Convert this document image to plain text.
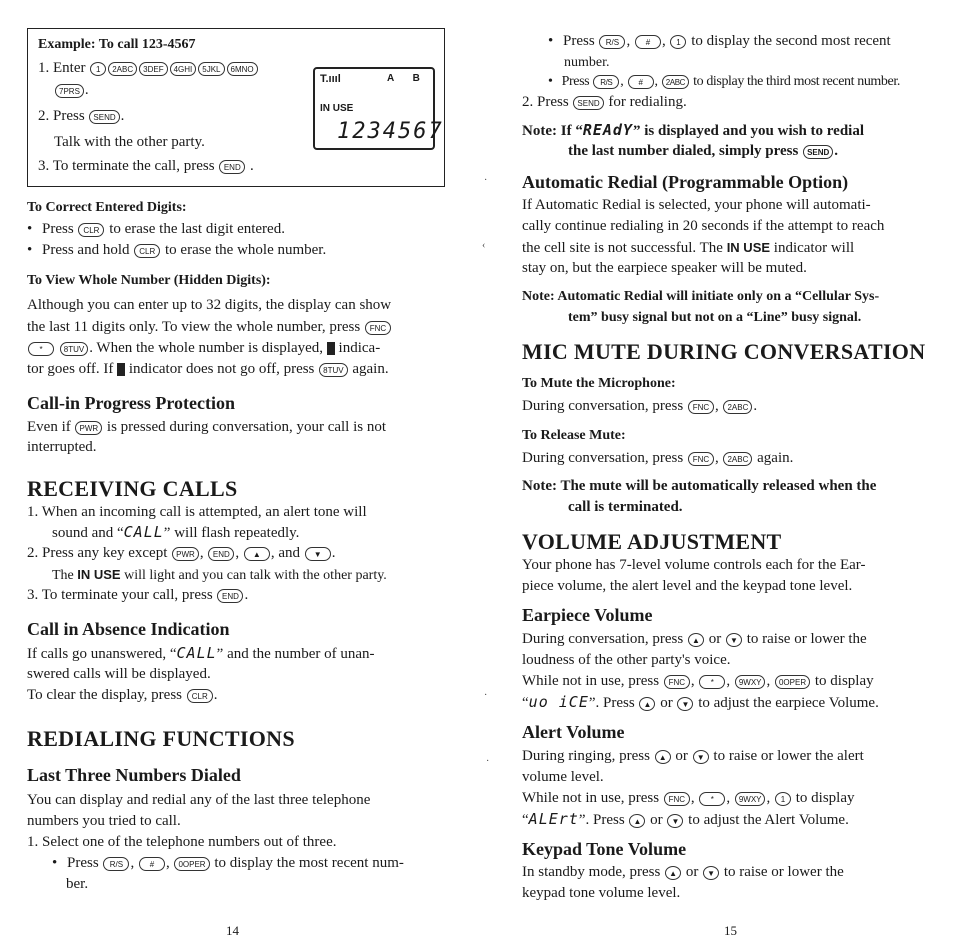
Example: To call 123-4567
1. Enter 1 2ABC 3DEF 4GHI 5JKL 6MNO
7PRS .
2. Press SEND .
Talk with the other party.
3. To terminate the call, press END .
T.ıııl	A B
IN USE
1234567
To Correct Entered Digits:
• Press CLR to erase the last digit entered.
• Press and hold CLR to erase the whole number.
To View Whole Number (Hidden Digits):
Although you can enter up to 32 digits, the display can show
the last 11 digits only. To view the whole number, press FNC
*	8TUV . When the whole number is displayed, indica-
tor goes off. If indicator does not go off, press 8TUV again.
Call-in Progress Protection
Even if PWR is pressed during conversation, your call is not
interrupted.
RECEIVING CALLS
1. When an incoming call is attempted, an alert tone will
sound and “CALL” will flash repeatedly.
2. Press any key except PWR , END , ▲ , and ▼ .
The IN USE will light and you can talk with the other party.
3. To terminate your call, press END .
Call in Absence Indication
If calls go unanswered, “CALL” and the number of unan-
swered calls will be displayed.
To clear the display, press CLR .
REDIALING FUNCTIONS
Last Three Numbers Dialed
You can display and redial any of the last three telephone
numbers you tried to call.
1. Select one of the telephone numbers out of three.
• Press R/S , # , 0OPER to display the most recent num-
ber.
14
·
‹
·
·
• Press R/S , # , 1 to display the second most recent
number.
• Press R/S , # , 2ABC to display the third most recent number.
2. Press SEND for redialing.
Note: If “REAdY” is displayed and you wish to redial
the last number dialed, simply press SEND .
Automatic Redial (Programmable Option)
If Automatic Redial is selected, your phone will automati-
cally continue redialing in 20 seconds if the attempt to reach
the cell site is not successful. The IN USE indicator will
stay on, but the earpiece speaker will be muted.
Note: Automatic Redial will initiate only on a “Cellular Sys-
tem” busy signal but not on a “Line” busy signal.
MIC MUTE DURING CONVERSATION
To Mute the Microphone:
During conversation, press FNC , 2ABC .
To Release Mute:
During conversation, press FNC , 2ABC again.
Note: The mute will be automatically released when the
call is terminated.
VOLUME ADJUSTMENT
Your phone has 7-level volume controls each for the Ear-
piece volume, the alert level and the keypad tone level.
Earpiece Volume
During conversation, press ▲ or ▼ to raise or lower the
loudness of the other party's voice.
While not in use, press FNC , * , 9WXY , 0OPER to display
“uo iCE”. Press ▲ or ▼ to adjust the earpiece Volume.
Alert Volume
During ringing, press ▲ or ▼ to raise or lower the alert
volume level.
While not in use, press FNC , * , 9WXY , 1 to display
“ALErt”. Press ▲ or ▼ to adjust the Alert Volume.
Keypad Tone Volume
In standby mode, press ▲ or ▼ to raise or lower the
keypad tone volume level.
15
